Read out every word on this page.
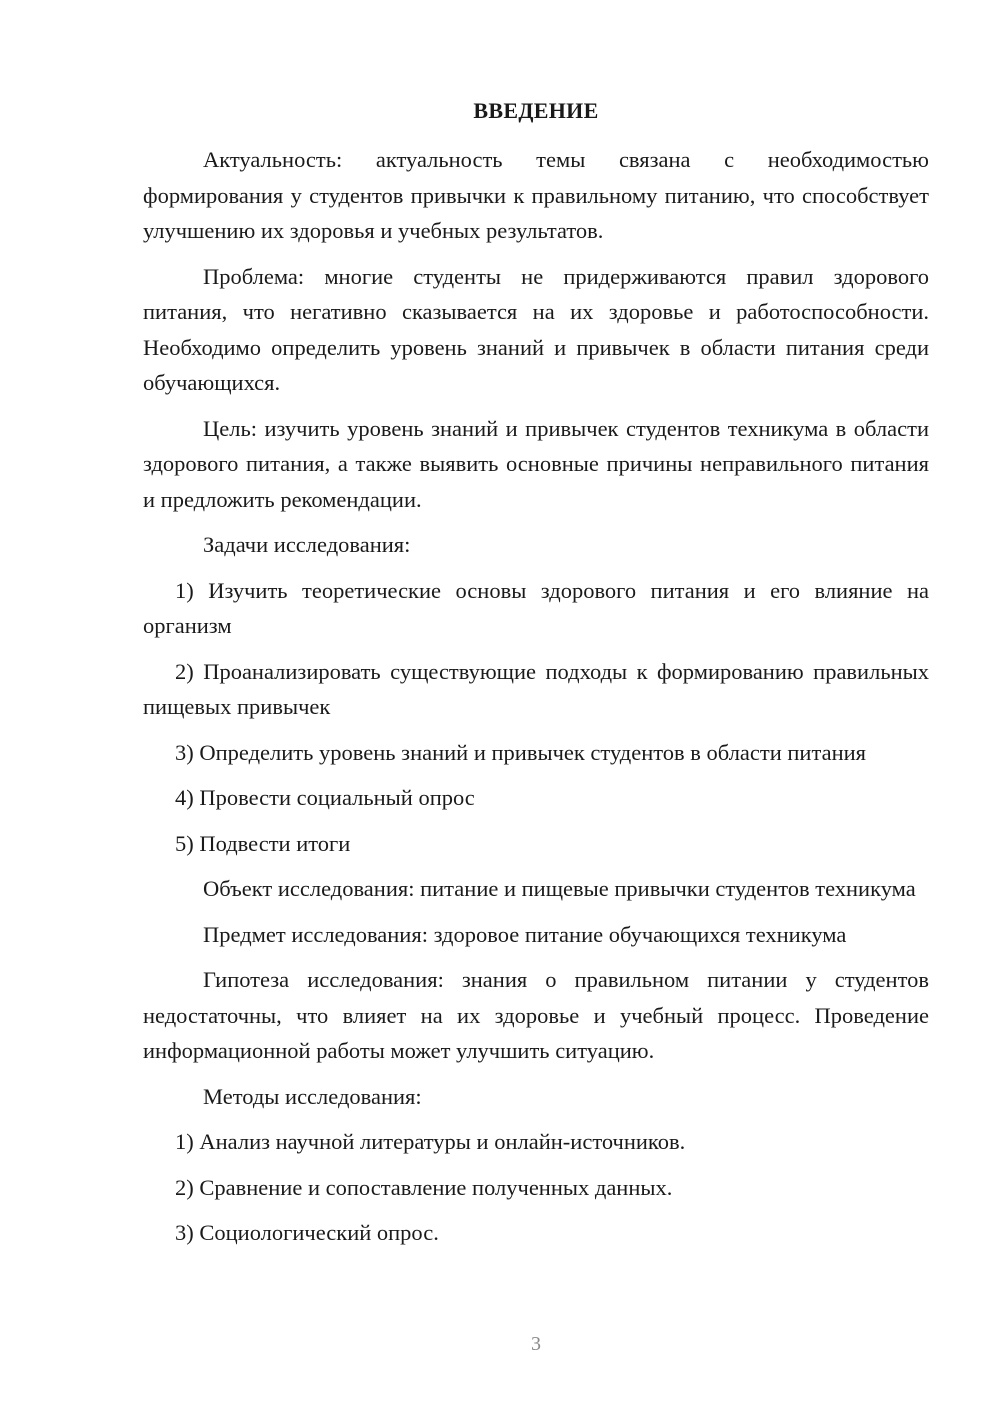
ВВЕДЕНИЕ

Актуальность: актуальность темы связана с необходимостью формирования у студентов привычки к правильному питанию, что способствует улучшению их здоровья и учебных результатов.

Проблема: многие студенты не придерживаются правил здорового питания, что негативно сказывается на их здоровье и работоспособности. Необходимо определить уровень знаний и привычек в области питания среди обучающихся.

Цель: изучить уровень знаний и привычек студентов техникума в области здорового питания, а также выявить основные причины неправильного питания и предложить рекомендации.

Задачи исследования:

1) Изучить теоретические основы здорового питания и его влияние на организм

2) Проанализировать существующие подходы к формированию правильных пищевых привычек

3) Определить уровень знаний и привычек студентов в области питания

4) Провести социальный опрос

5) Подвести итоги

Объект исследования: питание и пищевые привычки студентов техникума

Предмет исследования: здоровое питание обучающихся техникума

Гипотеза исследования: знания о правильном питании у студентов недостаточны, что влияет на их здоровье и учебный процесс. Проведение информационной работы может улучшить ситуацию.

Методы исследования:

1) Анализ научной литературы и онлайн-источников.

2) Сравнение и сопоставление полученных данных.

3) Социологический опрос.

3
